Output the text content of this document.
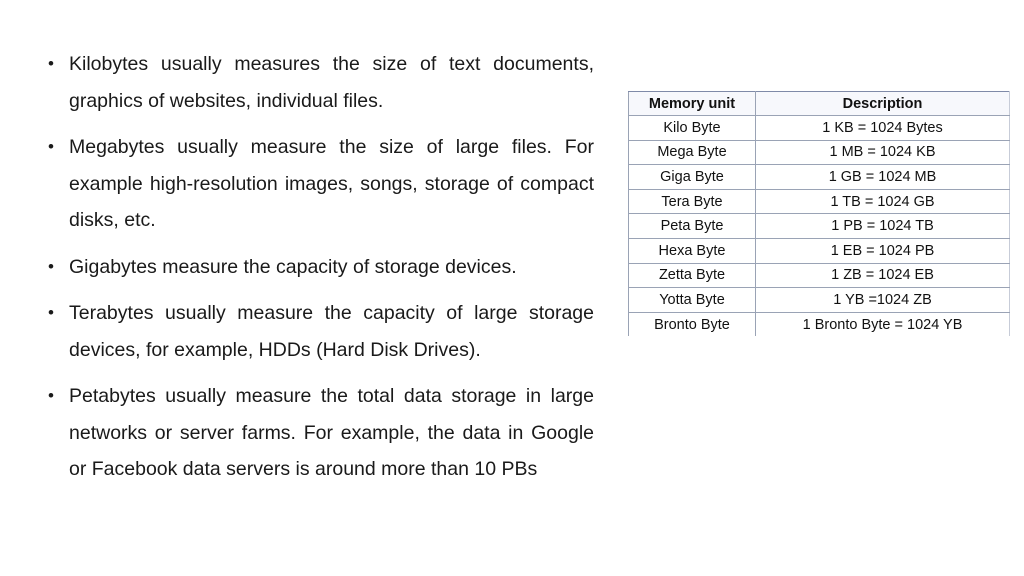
• Kilobytes usually measures the size of text documents, graphics of websites, individual files.
• Megabytes usually measure the size of large files. For example high-resolution images, songs, storage of compact disks, etc.
• Gigabytes measure the capacity of storage devices.
• Terabytes usually measure the capacity of large storage devices, for example, HDDs (Hard Disk Drives).
• Petabytes usually measure the total data storage in large networks or server farms. For example, the data in Google or Facebook data servers is around more than 10 PBs
Memory unit	Description
Kilo Byte	1 KB = 1024 Bytes
Mega Byte	1 MB = 1024 KB
Giga Byte	1 GB = 1024 MB
Tera Byte	1 TB = 1024 GB
Peta Byte	1 PB = 1024 TB
Hexa Byte	1 EB = 1024 PB
Zetta Byte	1 ZB = 1024 EB
Yotta Byte	1 YB =1024 ZB
Bronto Byte	1 Bronto Byte = 1024 YB
